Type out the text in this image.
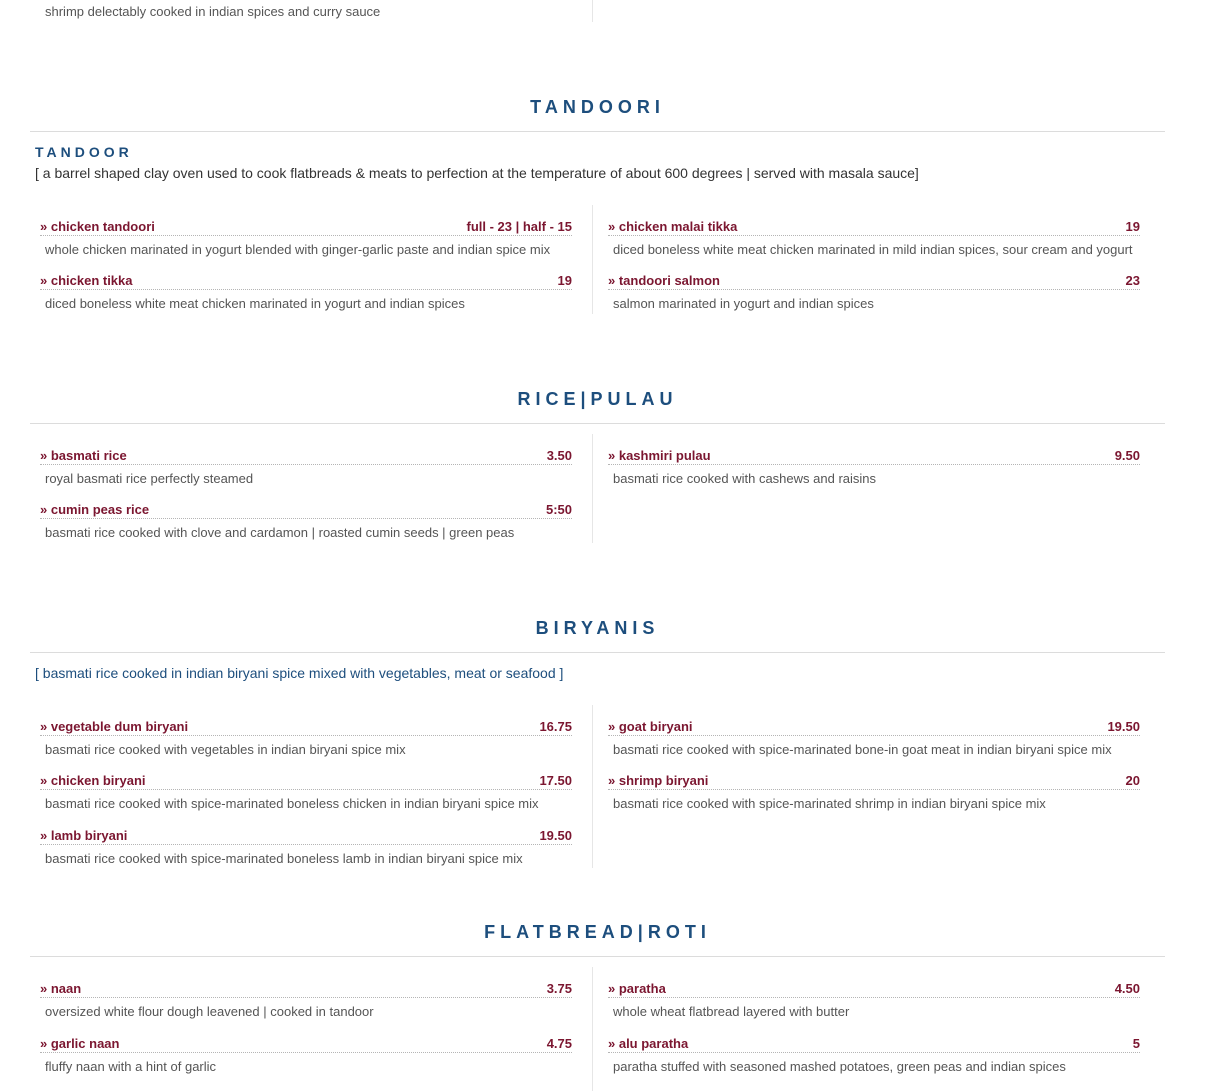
shrimp delectably cooked in indian spices and curry sauce
TANDOORI
TANDOOR
[ a barrel shaped clay oven used to cook flatbreads & meats to perfection at the temperature of about 600 degrees | served with masala sauce]
» chicken tandoori	full - 23 | half - 15
whole chicken marinated in yogurt blended with ginger-garlic paste and indian spice mix
» chicken tikka	19
diced boneless white meat chicken marinated in yogurt and indian spices
» chicken malai tikka	19
diced boneless white meat chicken marinated in mild indian spices, sour cream and yogurt
» tandoori salmon	23
salmon marinated in yogurt and indian spices
RICE|PULAU
» basmati rice	3.50
royal basmati rice perfectly steamed
» cumin peas rice	5:50
basmati rice cooked with clove and cardamon | roasted cumin seeds | green peas
» kashmiri pulau	9.50
basmati rice cooked with cashews and raisins
BIRYANIS
[ basmati rice cooked in indian biryani spice mixed with vegetables, meat or seafood ]
» vegetable dum biryani	16.75
basmati rice cooked with vegetables in indian biryani spice mix
» chicken biryani	17.50
basmati rice cooked with spice-marinated boneless chicken in indian biryani spice mix
» lamb biryani	19.50
basmati rice cooked with spice-marinated boneless lamb in indian biryani spice mix
» goat biryani	19.50
basmati rice cooked with spice-marinated bone-in goat meat in indian biryani spice mix
» shrimp biryani	20
basmati rice cooked with spice-marinated shrimp in indian biryani spice mix
FLATBREAD|ROTI
» naan	3.75
oversized white flour dough leavened | cooked in tandoor
» garlic naan	4.75
fluffy naan with a hint of garlic
» paratha	4.50
whole wheat flatbread layered with butter
» alu paratha	5
paratha stuffed with seasoned mashed potatoes, green peas and indian spices
